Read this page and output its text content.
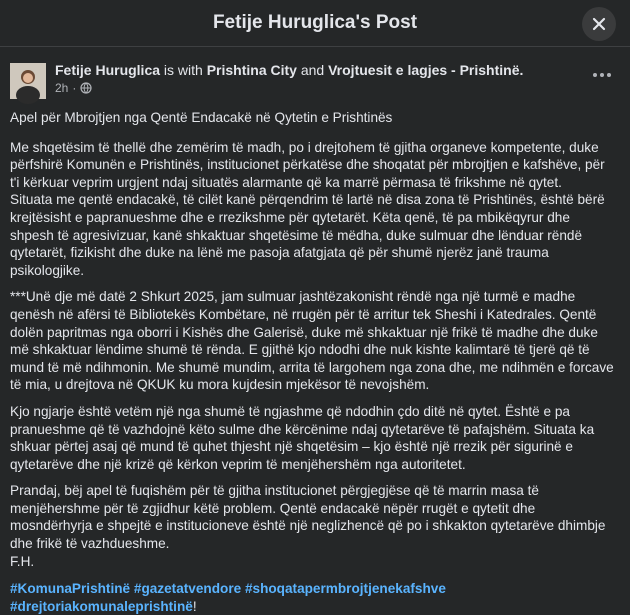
Fetije Huruglica's Post
Fetije Huruglica is with Prishtina City and Vrojtuesit e lagjes - Prishtinë.
2h ·

Apel për Mbrojtjen nga Qentë Endacakë në Qytetin e Prishtinës

Me shqetësim të thellë dhe zemërim të madh, po i drejtohem të gjitha organeve kompetente, duke përfshirë Komunën e Prishtinës, institucionet përkatëse dhe shoqatat për mbrojtjen e kafshëve, për t'i kërkuar veprim urgjent ndaj situatës alarmante që ka marrë përmasa të frikshme në qytet.
Situata me qentë endacakë, të cilët kanë përqendrim të lartë në disa zona të Prishtinës, është bërë krejtësisht e papranueshme dhe e rrezikshme për qytetarët. Këta qenë, të pa mbikëqyrur dhe shpesh të agresivizuar, kanë shkaktuar shqetësime të mëdha, duke sulmuar dhe lënduar rëndë qytetarët, fizikisht dhe duke na lënë me pasoja afatgjata që për shumë njerëz janë trauma psikologjike.

***Unë dje më datë 2 Shkurt 2025, jam sulmuar jashtëzakonisht rëndë nga një turmë e madhe qenësh në afërsi të Bibliotekës Kombëtare, në rrugën për të arritur tek Sheshi i Katedrales. Qentë dolën papritmas nga oborri i Kishës dhe Galerisë, duke më shkaktuar një frikë të madhe dhe duke më shkaktuar lëndime shumë të rënda. E gjithë kjo ndodhi dhe nuk kishte kalimtarë të tjerë që të mund të më ndihmonin. Me shumë mundim, arrita të largohem nga zona dhe, me ndihmën e forcave të mia, u drejtova në QKUK ku mora kujdesin mjekësor të nevojshëm.

Kjo ngjarje është vetëm një nga shumë të ngjashme që ndodhin çdo ditë në qytet. Është e pa pranueshme që të vazhdojnë këto sulme dhe kërcënime ndaj qytetarëve të pafajshëm. Situata ka shkuar përtej asaj që mund të quhet thjesht një shqetësim – kjo është një rrezik për sigurinë e qytetarëve dhe një krizë që kërkon veprim të menjëhershëm nga autoritetet.

Prandaj, bëj apel të fuqishëm për të gjitha institucionet përgjegjëse që të marrin masa të menjëhershme për të zgjidhur këtë problem. Qentë endacakë nëpër rrugët e qytetit dhe mosndërhyrja e shpejtë e institucioneve është një neglizhencë që po i shkakton qytetarëve dhimbje dhe frikë të vazhdueshme.
F.H.

#KomunaPrishtinë #gazetatvendore #shoqatapermbrojtjenekafshve
#drejtoriakomunaleprishtinë!
